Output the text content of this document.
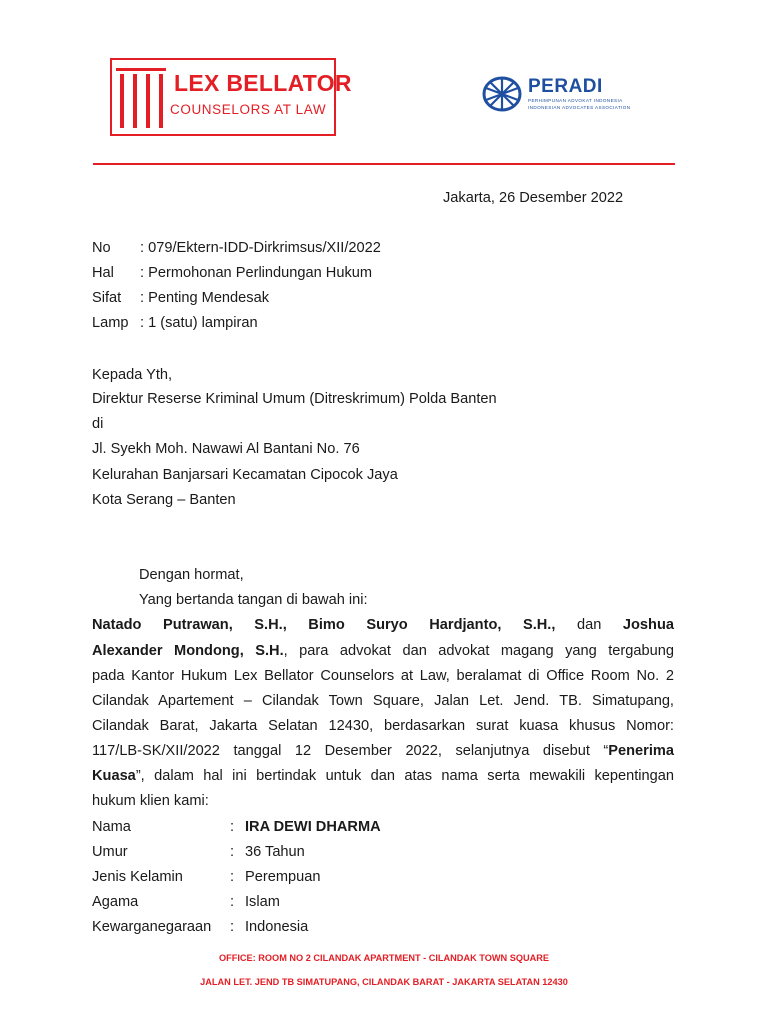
LEX BELLATOR
COUNSELORS AT LAW
PERADI
PERHIMPUNAN ADVOKAT INDONESIA
INDONESIAN ADVOCATES ASSOCIATION
Jakarta, 26 Desember 2022
No : 079/Ektern-IDD-Dirkrimsus/XII/2022
Hal : Permohonan Perlindungan Hukum
Sifat : Penting Mendesak
Lamp : 1 (satu) lampiran
Kepada Yth,
Direktur Reserse Kriminal Umum (Ditreskrimum) Polda Banten
di
Jl. Syekh Moh. Nawawi Al Bantani No. 76
Kelurahan Banjarsari Kecamatan Cipocok Jaya
Kota Serang – Banten
Dengan hormat,
Yang bertanda tangan di bawah ini:
Natado Putrawan, S.H., Bimo Suryo Hardjanto, S.H., dan Joshua
Alexander Mondong, S.H., para advokat dan advokat magang yang tergabung
pada Kantor Hukum Lex Bellator Counselors at Law, beralamat di Office Room No. 2
Cilandak Apartement – Cilandak Town Square, Jalan Let. Jend. TB. Simatupang,
Cilandak Barat, Jakarta Selatan 12430, berdasarkan surat kuasa khusus Nomor:
117/LB-SK/XII/2022 tanggal 12 Desember 2022, selanjutnya disebut “Penerima
Kuasa”, dalam hal ini bertindak untuk dan atas nama serta mewakili kepentingan
hukum klien kami:
Nama	: IRA DEWI DHARMA
Umur	: 36 Tahun
Jenis Kelamin	: Perempuan
Agama	: Islam
Kewarganegaraan : Indonesia
OFFICE: ROOM NO 2 CILANDAK APARTMENT - CILANDAK TOWN SQUARE
JALAN LET. JEND TB SIMATUPANG, CILANDAK BARAT - JAKARTA SELATAN 12430
